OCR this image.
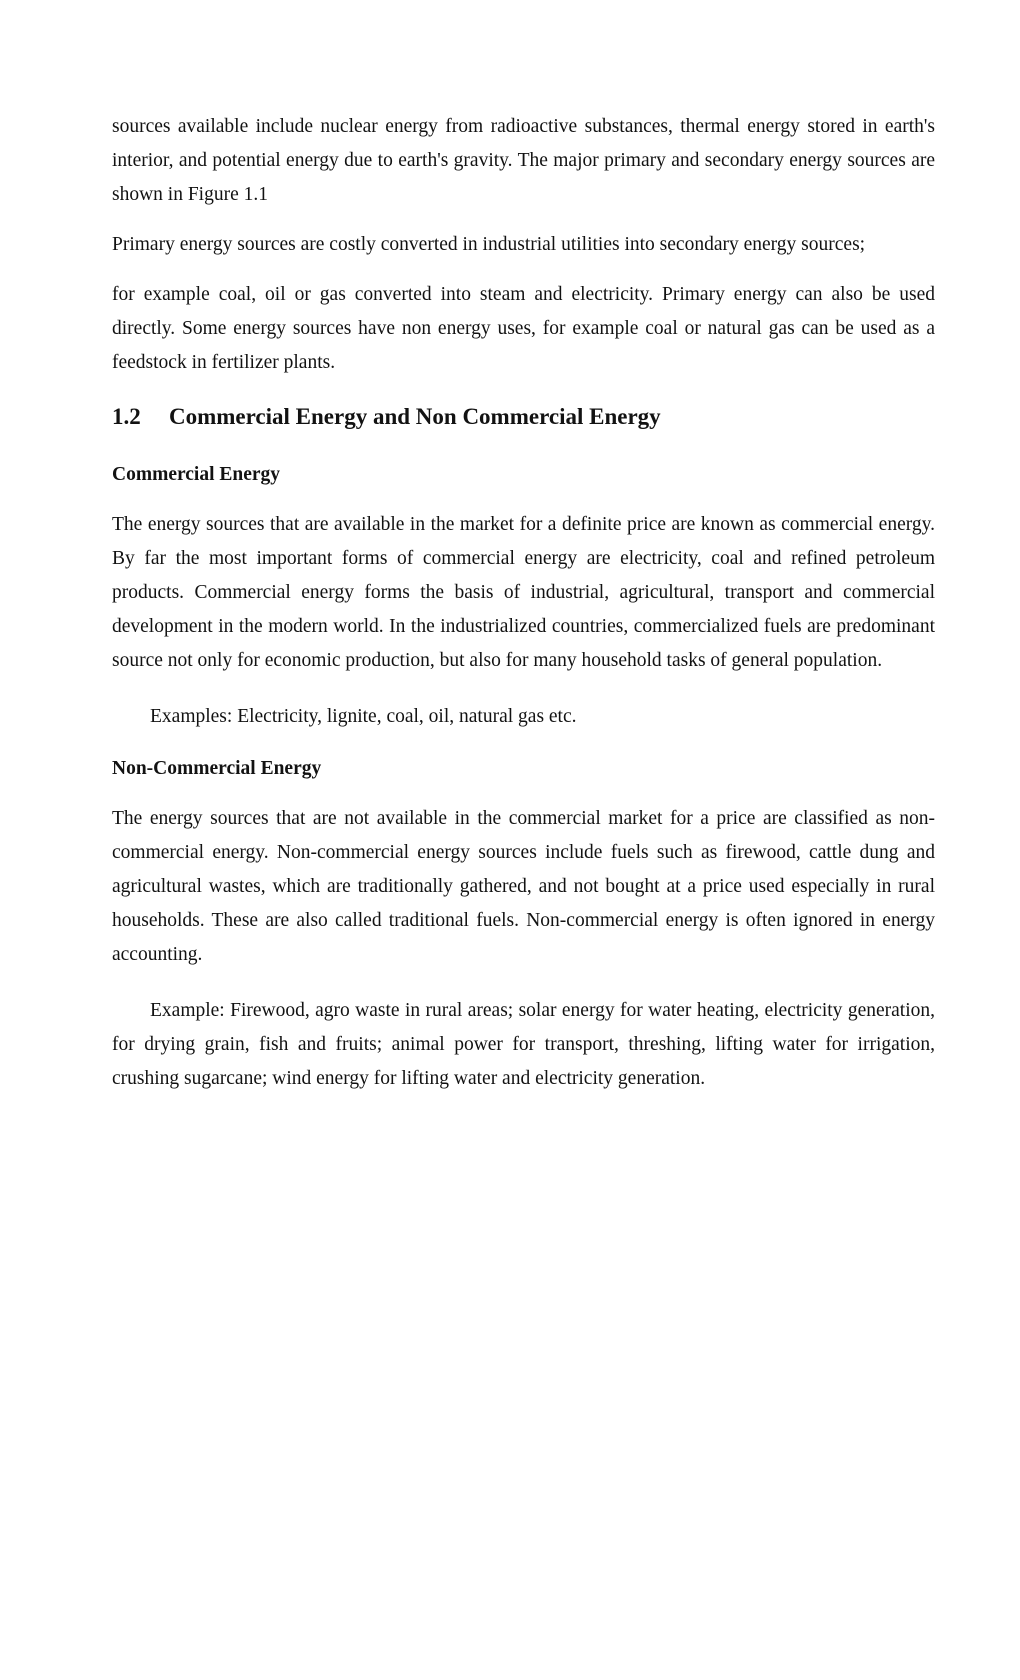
sources available include nuclear energy from radioactive substances, thermal energy stored in earth's interior, and potential energy due to earth's gravity. The major primary and secondary energy sources are shown in Figure 1.1

Primary energy sources are costly converted in industrial utilities into secondary energy sources;

for example coal, oil or gas converted into steam and electricity. Primary energy can also be used directly. Some energy sources have non energy uses, for example coal or natural gas can be used as a feedstock in fertilizer plants.

1.2 Commercial Energy and Non Commercial Energy
Commercial Energy

The energy sources that are available in the market for a definite price are known as commercial energy. By far the most important forms of commercial energy are electricity, coal and refined petroleum products. Commercial energy forms the basis of industrial, agricultural, transport and commercial development in the modern world. In the industrialized countries, commercialized fuels are predominant source not only for economic production, but also for many household tasks of general population.

Examples: Electricity, lignite, coal, oil, natural gas etc.

Non-Commercial Energy

The energy sources that are not available in the commercial market for a price are classified as non-commercial energy. Non-commercial energy sources include fuels such as firewood, cattle dung and agricultural wastes, which are traditionally gathered, and not bought at a price used especially in rural households. These are also called traditional fuels. Non-commercial energy is often ignored in energy accounting.

Example: Firewood, agro waste in rural areas; solar energy for water heating, electricity generation, for drying grain, fish and fruits; animal power for transport, threshing, lifting water for irrigation, crushing sugarcane; wind energy for lifting water and electricity generation.
